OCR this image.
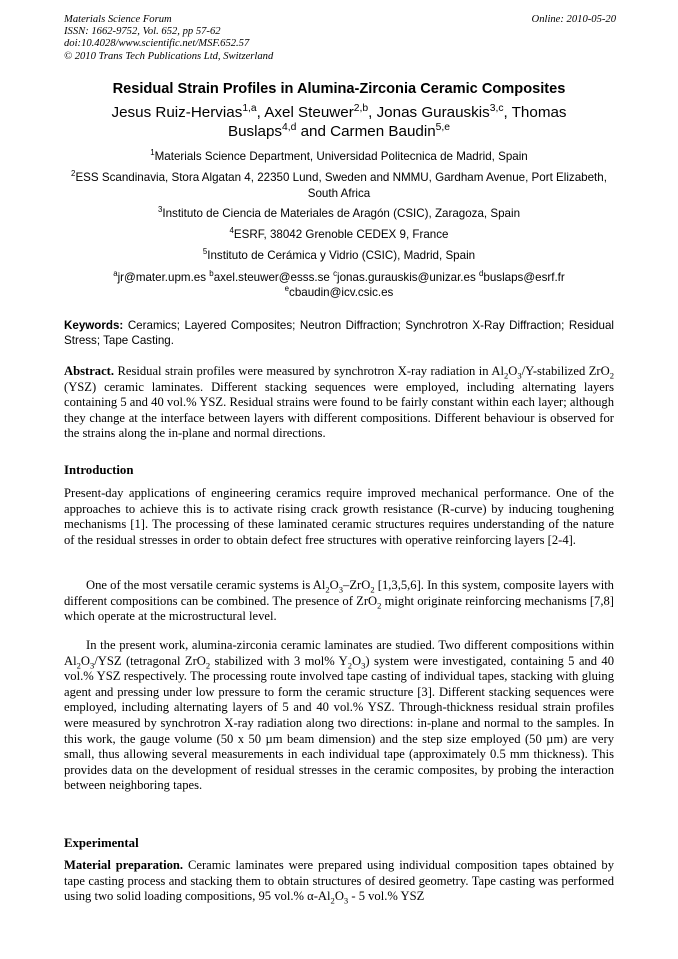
Materials Science Forum
ISSN: 1662-9752, Vol. 652, pp 57-62
doi:10.4028/www.scientific.net/MSF.652.57
© 2010 Trans Tech Publications Ltd, Switzerland
Online: 2010-05-20
Residual Strain Profiles in Alumina-Zirconia Ceramic Composites
Jesus Ruiz-Hervias$^{1,a}$, Axel Steuwer$^{2,b}$, Jonas Gurauskis$^{3,c}$, Thomas Buslaps$^{4,d}$ and Carmen Baudin$^{5,e}$
$^1$Materials Science Department, Universidad Politecnica de Madrid, Spain
$^2$ESS Scandinavia, Stora Algatan 4, 22350 Lund, Sweden and NMMU, Gardham Avenue, Port Elizabeth, South Africa
$^3$Instituto de Ciencia de Materiales de Aragón (CSIC), Zaragoza, Spain
$^4$ESRF, 38042 Grenoble CEDEX 9, France
$^5$Instituto de Cerámica y Vidrio (CSIC), Madrid, Spain
$^a$jr@mater.upm.es $^b$axel.steuwer@esss.se $^c$jonas.gurauskis@unizar.es $^d$buslaps@esrf.fr
$^e$cbaudin@icv.csic.es
Keywords: Ceramics; Layered Composites; Neutron Diffraction; Synchrotron X-Ray Diffraction; Residual Stress; Tape Casting.

Abstract. Residual strain profiles were measured by synchrotron X-ray radiation in $Al_2O_3/Y$-stabilized ZrO$_2$ (YSZ) ceramic laminates. Different stacking sequences were employed, including alternating layers containing 5 and 40 vol.% YSZ. Residual strains were found to be fairly constant within each layer; although they change at the interface between layers with different compositions. Different behaviour is observed for the strains along the in-plane and normal directions.

Introduction

Present-day applications of engineering ceramics require improved mechanical performance. One of the approaches to achieve this is to activate rising crack growth resistance (R-curve) by inducing toughening mechanisms [1]. The processing of these laminated ceramic structures requires understanding of the nature of the residual stresses in order to obtain defect free structures with operative reinforcing layers [2-4].

One of the most versatile ceramic systems is $Al_2O_3-ZrO_2$ [1,3,5,6]. In this system, composite layers with different compositions can be combined. The presence of ZrO$_2$ might originate reinforcing mechanisms [7,8] which operate at the microstructural level.

In the present work, alumina-zirconia ceramic laminates are studied. Two different compositions within $Al_2O_3$/YSZ (tetragonal ZrO$_2$ stabilized with 3 mol% $Y_2O_3$) system were investigated, containing 5 and 40 vol.% YSZ respectively. The processing route involved tape casting of individual tapes, stacking with gluing agent and pressing under low pressure to form the ceramic structure [3]. Different stacking sequences were employed, including alternating layers of 5 and 40 vol.% YSZ. Through-thickness residual strain profiles were measured by synchrotron X-ray radiation along two directions: in-plane and normal to the samples. In this work, the gauge volume (50 x 50 µm beam dimension) and the step size employed (50 µm) are very small, thus allowing several measurements in each individual tape (approximately 0.5 mm thickness). This provides data on the development of residual stresses in the ceramic composites, by probing the interaction between neighboring tapes.

Experimental

Material preparation. Ceramic laminates were prepared using individual composition tapes obtained by tape casting process and stacking them to obtain structures of desired geometry. Tape casting was performed using two solid loading compositions, 95 vol.% $\alpha-Al_2O_3 - 5$ vol.% YSZ
